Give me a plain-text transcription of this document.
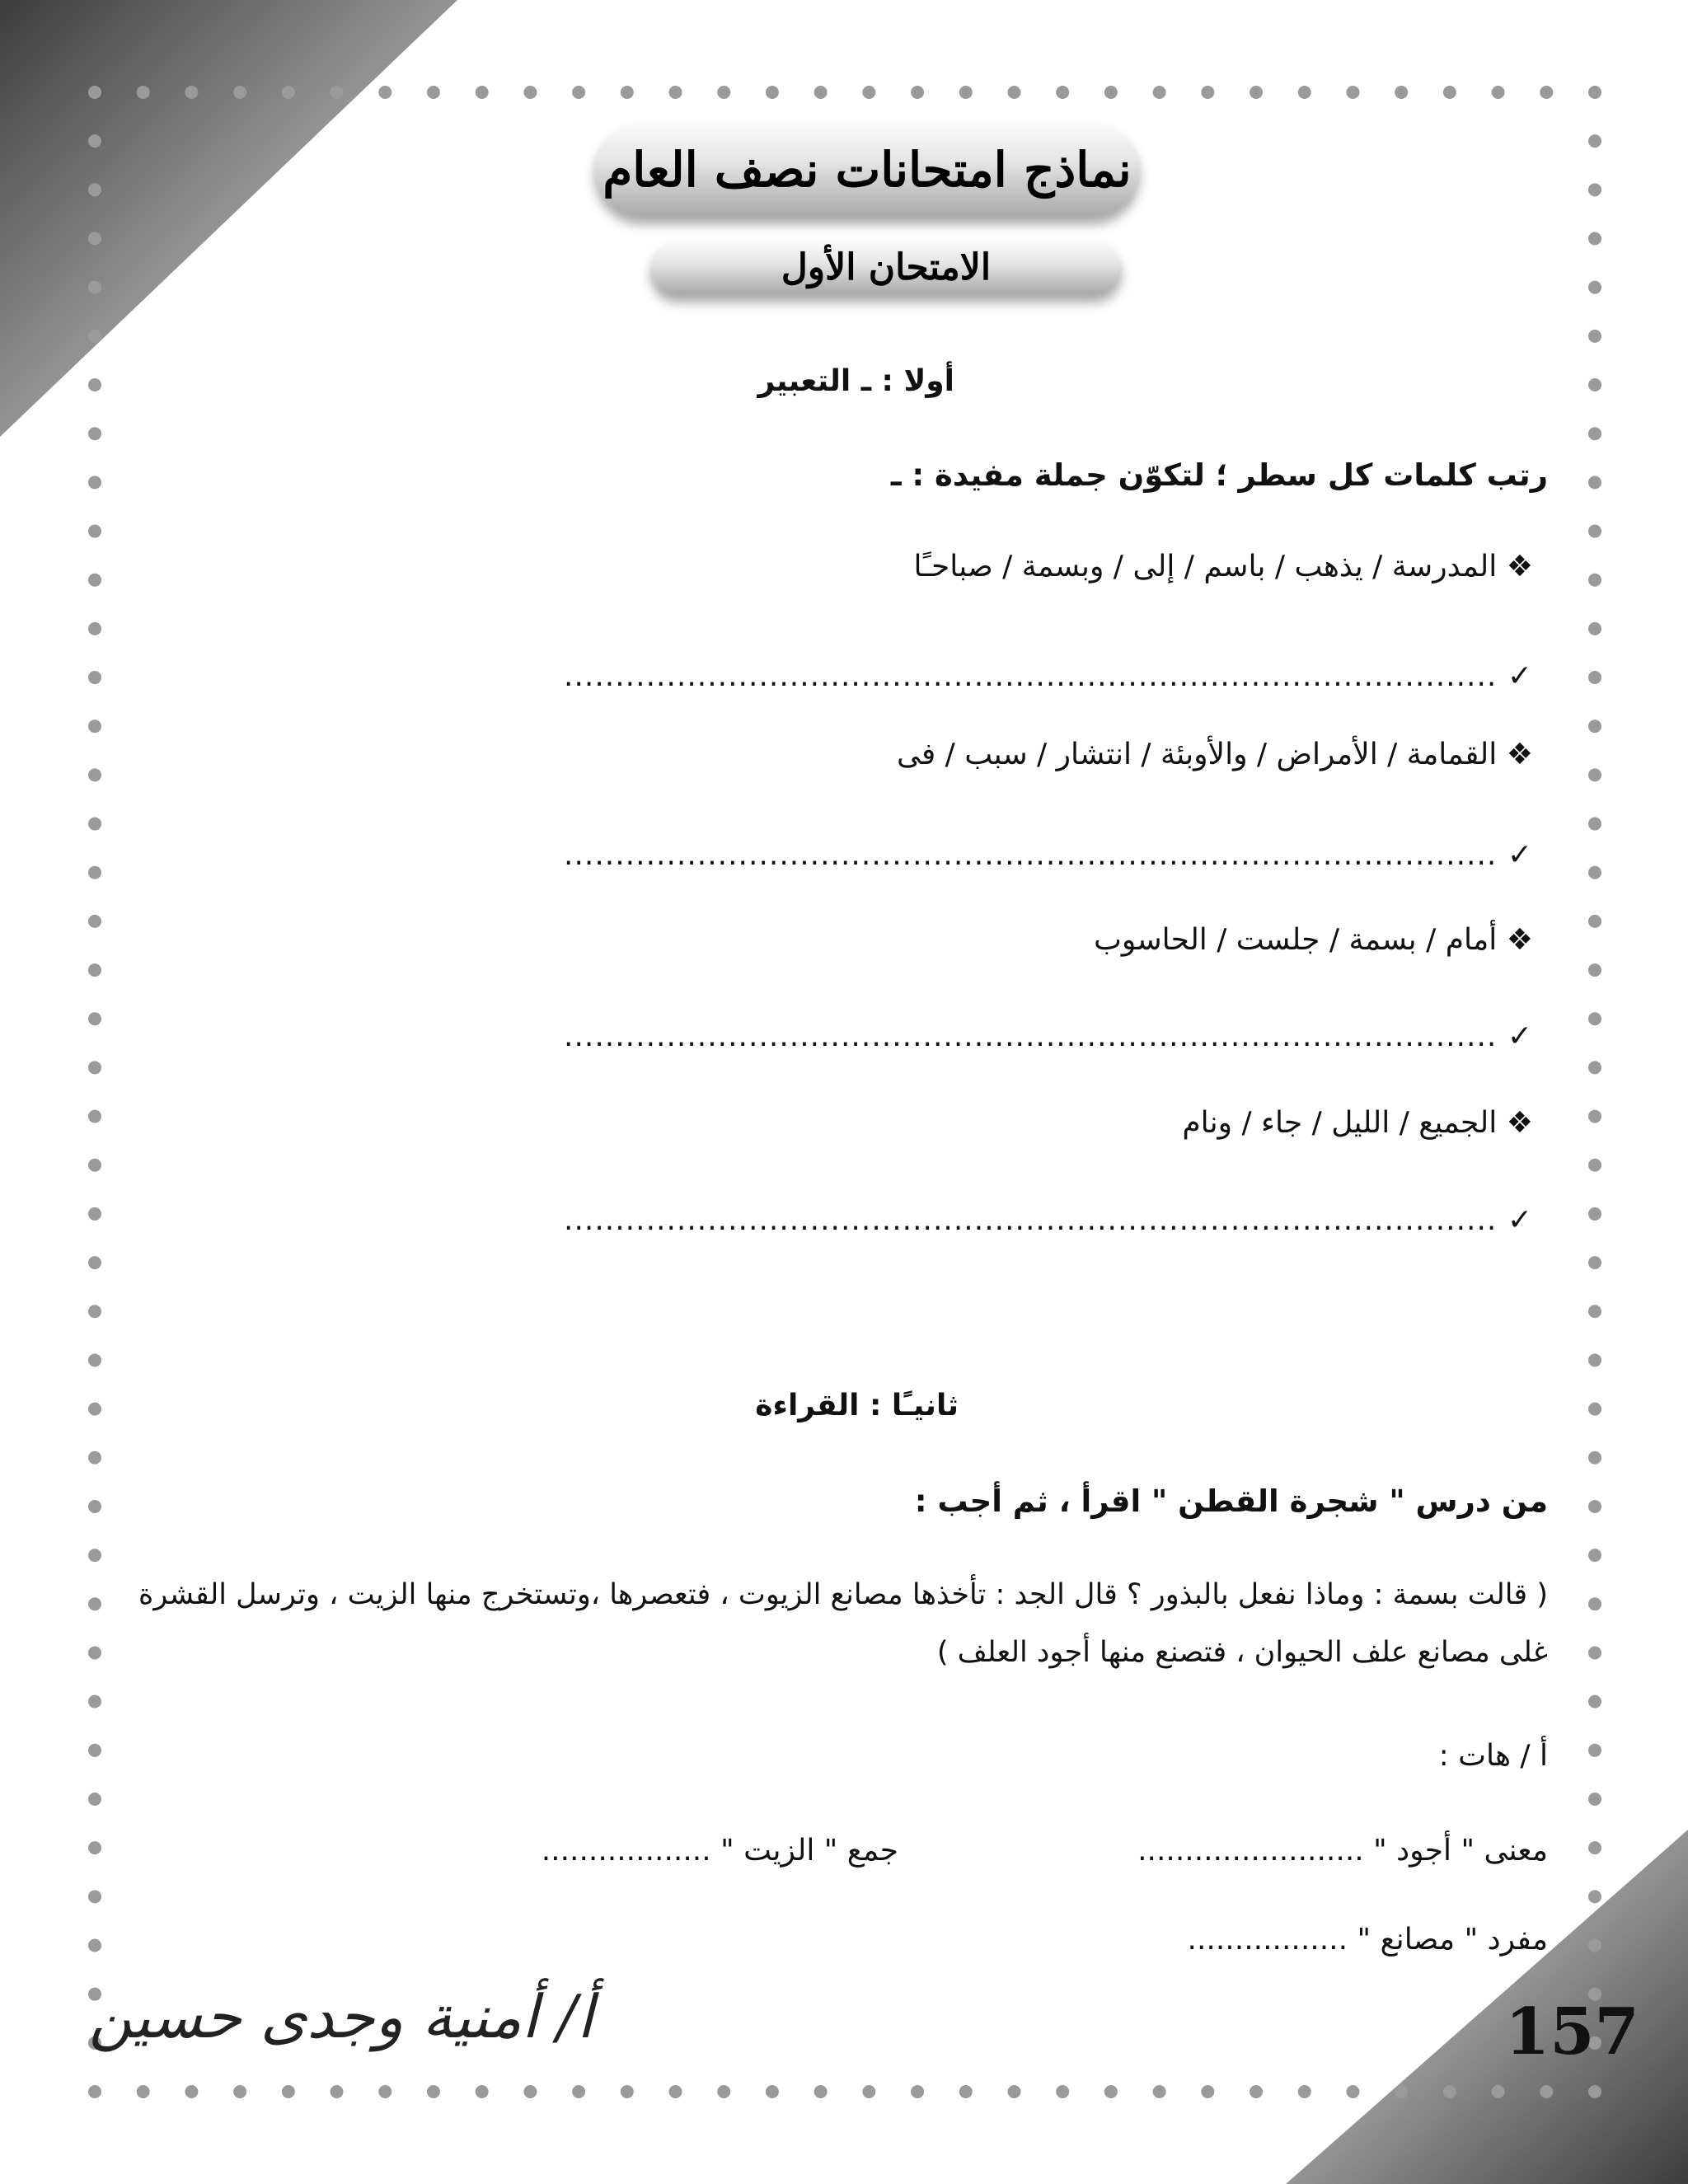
نماذج امتحانات نصف العام
الامتحان الأول
أولا : ـ التعبير
رتب كلمات كل سطر ؛ لتكوّن جملة مفيدة : ـ
❖ المدرسة / يذهب / باسم / إلى / وبسمة / صباحـًا
✓ ...........................................................................................
❖ القمامة / الأمراض / والأوبئة / انتشار / سبب / فى
✓ ...........................................................................................
❖ أمام / بسمة / جلست / الحاسوب
✓ ...........................................................................................
❖ الجميع / الليل / جاء / ونام
✓ ...........................................................................................
ثانيـًا : القراءة
من درس " شجرة القطن " اقرأ ، ثم أجب :
( قالت بسمة : وماذا نفعل بالبذور ؟ قال الجد : تأخذها مصانع الزيوت ، فتعصرها ،وتستخرج منها الزيت ، وترسل القشرة غلى مصانع علف الحيوان ، فتصنع منها أجود العلف )
أ / هات :
معنى " أجود " ........................
جمع " الزيت " ..................
مفرد " مصانع " .................
أ/ أمنية وجدى حسين	157
